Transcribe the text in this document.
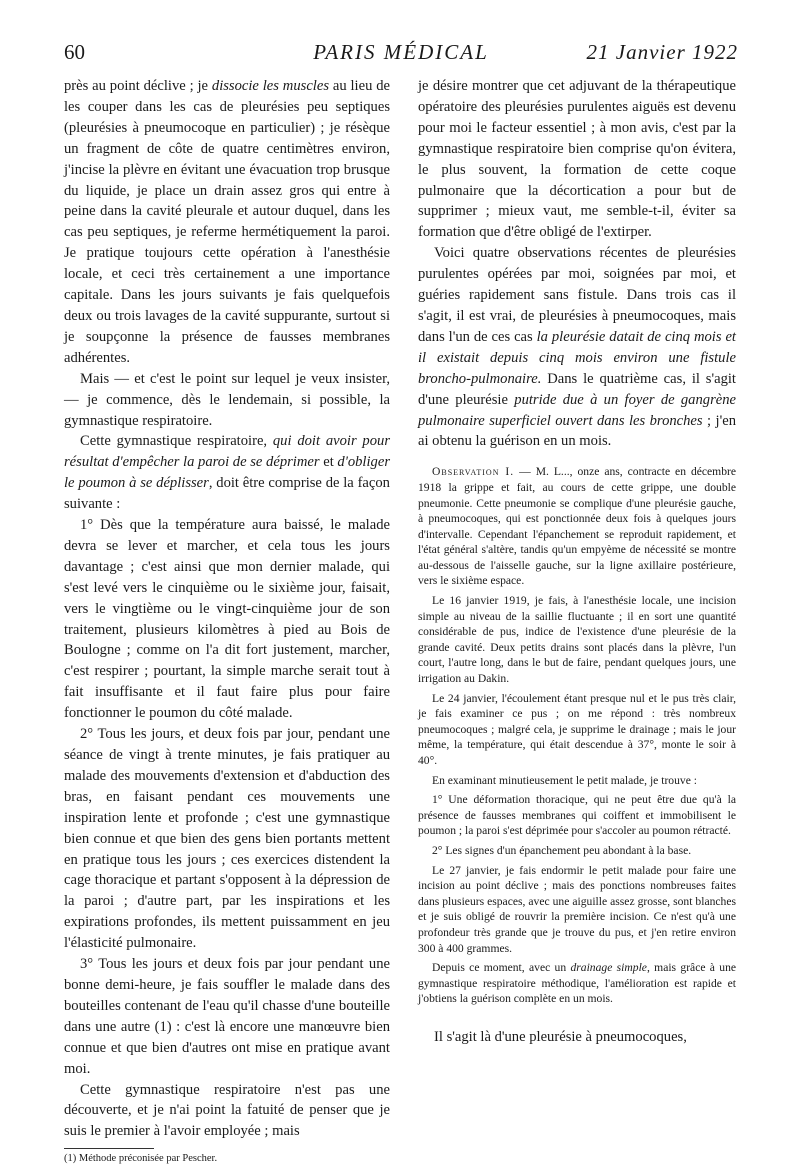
60	PARIS MÉDICAL	21 Janvier 1922

près au point déclive ; je dissocie les muscles au lieu de les couper dans les cas de pleurésies peu septiques (pleurésies à pneumocoque en particulier) ; je résèque un fragment de côte de quatre centimètres environ, j'incise la plèvre en évitant une évacuation trop brusque du liquide, je place un drain assez gros qui entre à peine dans la cavité pleurale et autour duquel, dans les cas peu septiques, je referme hermétiquement la paroi. Je pratique toujours cette opération à l'anesthésie locale, et ceci très certainement a une importance capitale. Dans les jours suivants je fais quelquefois deux ou trois lavages de la cavité suppurante, surtout si je soupçonne la présence de fausses membranes adhérentes.

Mais — et c'est le point sur lequel je veux insister, — je commence, dès le lendemain, si possible, la gymnastique respiratoire.

Cette gymnastique respiratoire, qui doit avoir pour résultat d'empêcher la paroi de se déprimer et d'obliger le poumon à se déplisser, doit être comprise de la façon suivante :

1° Dès que la température aura baissé, le malade devra se lever et marcher, et cela tous les jours davantage ; c'est ainsi que mon dernier malade, qui s'est levé vers le cinquième ou le sixième jour, faisait, vers le vingtième ou le vingt-cinquième jour de son traitement, plusieurs kilomètres à pied au Bois de Boulogne ; comme on l'a dit fort justement, marcher, c'est respirer ; pourtant, la simple marche serait tout à fait insuffisante et il faut faire plus pour faire fonctionner le poumon du côté malade.

2° Tous les jours, et deux fois par jour, pendant une séance de vingt à trente minutes, je fais pratiquer au malade des mouvements d'extension et d'abduction des bras, en faisant pendant ces mouvements une inspiration lente et profonde ; c'est une gymnastique bien connue et que bien des gens bien portants mettent en pratique tous les jours ; ces exercices distendent la cage thoracique et partant s'opposent à la dépression de la paroi ; d'autre part, par les inspirations et les expirations profondes, ils mettent puissamment en jeu l'élasticité pulmonaire.

3° Tous les jours et deux fois par jour pendant une bonne demi-heure, je fais souffler le malade dans des bouteilles contenant de l'eau qu'il chasse d'une bouteille dans une autre (1) : c'est là encore une manœuvre bien connue et que bien d'autres ont mise en pratique avant moi.

Cette gymnastique respiratoire n'est pas une découverte, et je n'ai point la fatuité de penser que je suis le premier à l'avoir employée ; mais

(1) Méthode préconisée par Pescher.

je désire montrer que cet adjuvant de la thérapeutique opératoire des pleurésies purulentes aiguës est devenu pour moi le facteur essentiel ; à mon avis, c'est par la gymnastique respiratoire bien comprise qu'on évitera, le plus souvent, la formation de cette coque pulmonaire que la décortication a pour but de supprimer ; mieux vaut, me semble-t-il, éviter sa formation que d'être obligé de l'extirper.

Voici quatre observations récentes de pleurésies purulentes opérées par moi, soignées par moi, et guéries rapidement sans fistule. Dans trois cas il s'agit, il est vrai, de pleurésies à pneumocoques, mais dans l'un de ces cas la pleurésie datait de cinq mois et il existait depuis cinq mois environ une fistule broncho-pulmonaire. Dans le quatrième cas, il s'agit d'une pleurésie putride due à un foyer de gangrène pulmonaire superficiel ouvert dans les bronches ; j'en ai obtenu la guérison en un mois.

Observation I. — M. L..., onze ans, contracte en décembre 1918 la grippe et fait, au cours de cette grippe, une double pneumonie. Cette pneumonie se complique d'une pleurésie gauche, à pneumocoques, qui est ponctionnée deux fois à quelques jours d'intervalle. Cependant l'épanchement se reproduit rapidement, et l'état général s'altère, tandis qu'un empyème de nécessité se montre au-dessous de l'aisselle gauche, sur la ligne axillaire postérieure, vers le sixième espace.

Le 16 janvier 1919, je fais, à l'anesthésie locale, une incision simple au niveau de la saillie fluctuante ; il en sort une quantité considérable de pus, indice de l'existence d'une pleurésie de la grande cavité. Deux petits drains sont placés dans la plèvre, l'un court, l'autre long, dans le but de faire, pendant quelques jours, une irrigation au Dakin.

Le 24 janvier, l'écoulement étant presque nul et le pus très clair, je fais examiner ce pus ; on me répond : très nombreux pneumocoques ; malgré cela, je supprime le drainage ; mais le jour même, la température, qui était descendue à 37°, monte le soir à 40°.

En examinant minutieusement le petit malade, je trouve :

1° Une déformation thoracique, qui ne peut être due qu'à la présence de fausses membranes qui coiffent et immobilisent le poumon ; la paroi s'est déprimée pour s'accoler au poumon rétracté.

2° Les signes d'un épanchement peu abondant à la base.

Le 27 janvier, je fais endormir le petit malade pour faire une incision au point déclive ; mais des ponctions nombreuses faites dans plusieurs espaces, avec une aiguille assez grosse, sont blanches et je suis obligé de rouvrir la première incision. Ce n'est qu'à une profondeur très grande que je trouve du pus, et j'en retire environ 300 à 400 grammes.

Depuis ce moment, avec un drainage simple, mais grâce à une gymnastique respiratoire méthodique, l'amélioration est rapide et j'obtiens la guérison complète en un mois.

Il s'agit là d'une pleurésie à pneumocoques,
